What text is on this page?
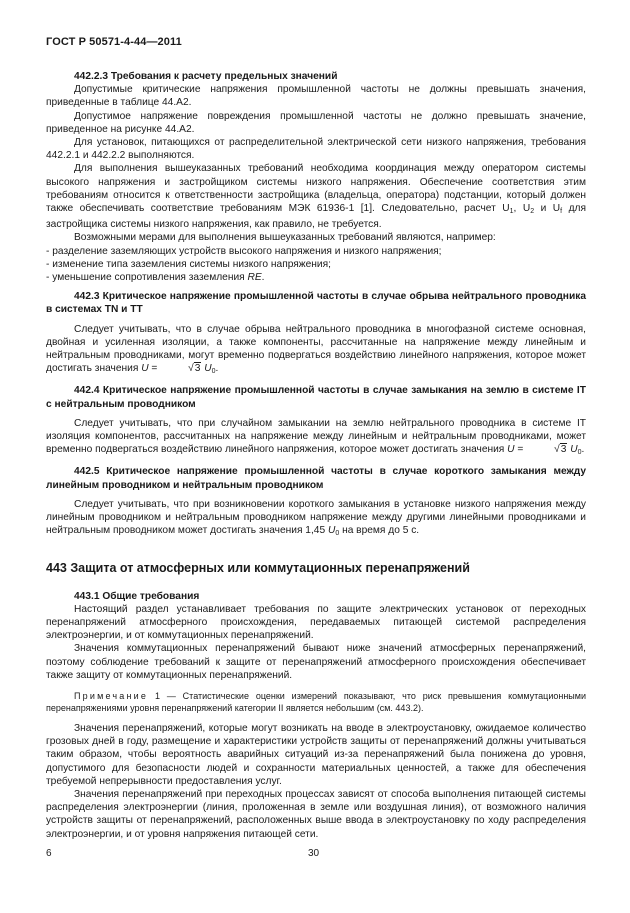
ГОСТ Р 50571-4-44—2011

442.2.3 Требования к расчету предельных значений

Допустимые критические напряжения промышленной частоты не должны превышать значения, приведенные в таблице 44.А2.

Допустимое напряжение повреждения промышленной частоты не должно превышать значение, приведенное на рисунке 44.А2.

Для установок, питающихся от распределительной электрической сети низкого напряжения, требования 442.2.1 и 442.2.2 выполняются.

Для выполнения вышеуказанных требований необходима координация между оператором системы высокого напряжения и застройщиком системы низкого напряжения. Обеспечение соответствия этим требованиям относится к ответственности застройщика (владельца, оператора) подстанции, который должен также обеспечивать соответствие требованиям МЭК 61936-1 [1]. Следовательно, расчет $U_1$, $U_2$ и $U_f$ для застройщика системы низкого напряжения, как правило, не требуется.

Возможными мерами для выполнения вышеуказанных требований являются, например:

- разделение заземляющих устройств высокого напряжения и низкого напряжения;

- изменение типа заземления системы низкого напряжения;

- уменьшение сопротивления заземления RE.

442.3 Критическое напряжение промышленной частоты в случае обрыва нейтрального проводника в системах TN и TT

Следует учитывать, что в случае обрыва нейтрального проводника в многофазной системе основная, двойная и усиленная изоляции, а также компоненты, рассчитанные на напряжение между линейным и нейтральным проводниками, могут временно подвергаться воздействию линейного напряжения, которое может достигать значения U =	√3 $U_0$.

442.4 Критическое напряжение промышленной частоты в случае замыкания на землю в системе IT с нейтральным проводником

Следует учитывать, что при случайном замыкании на землю нейтрального проводника в системе IT изоляция компонентов, рассчитанных на напряжение между линейным и нейтральным проводниками, может временно подвергаться воздействию линейного напряжения, которое может достигать значения U =	√3 $U_0$.

442.5 Критическое напряжение промышленной частоты в случае короткого замыкания между линейным проводником и нейтральным проводником

Следует учитывать, что при возникновении короткого замыкания в установке низкого напряжения между линейным проводником и нейтральным проводником напряжение между другими линейными проводниками и нейтральным проводником может достигать значения 1,45 $U_0$ на время до 5 с.

443 Защита от атмосферных или коммутационных перенапряжений

443.1 Общие требования

Настоящий раздел устанавливает требования по защите электрических установок от переходных перенапряжений атмосферного происхождения, передаваемых питающей системой распределения электроэнергии, и от коммутационных перенапряжений.

Значения коммутационных перенапряжений бывают ниже значений атмосферных перенапряжений, поэтому соблюдение требований к защите от перенапряжений атмосферного происхождения обеспечивает также защиту от коммутационных перенапряжений.

Примечание 1 — Статистические оценки измерений показывают, что риск превышения коммутационными перенапряжениями уровня перенапряжений категории II является небольшим (см. 443.2).

Значения перенапряжений, которые могут возникать на вводе в электроустановку, ожидаемое количество грозовых дней в году, размещение и характеристики устройств защиты от перенапряжений должны учитываться таким образом, чтобы вероятность аварийных ситуаций из-за перенапряжений была понижена до уровня, допустимого для безопасности людей и сохранности материальных ценностей, а также для обеспечения требуемой непрерывности предоставления услуг.

Значения перенапряжений при переходных процессах зависят от способа выполнения питающей системы распределения электроэнергии (линия, проложенная в земле или воздушная линия), от возможного наличия устройств защиты от перенапряжений, расположенных выше ввода в электроустановку по ходу распределения электроэнергии, и от уровня напряжения питающей сети.

6	30
